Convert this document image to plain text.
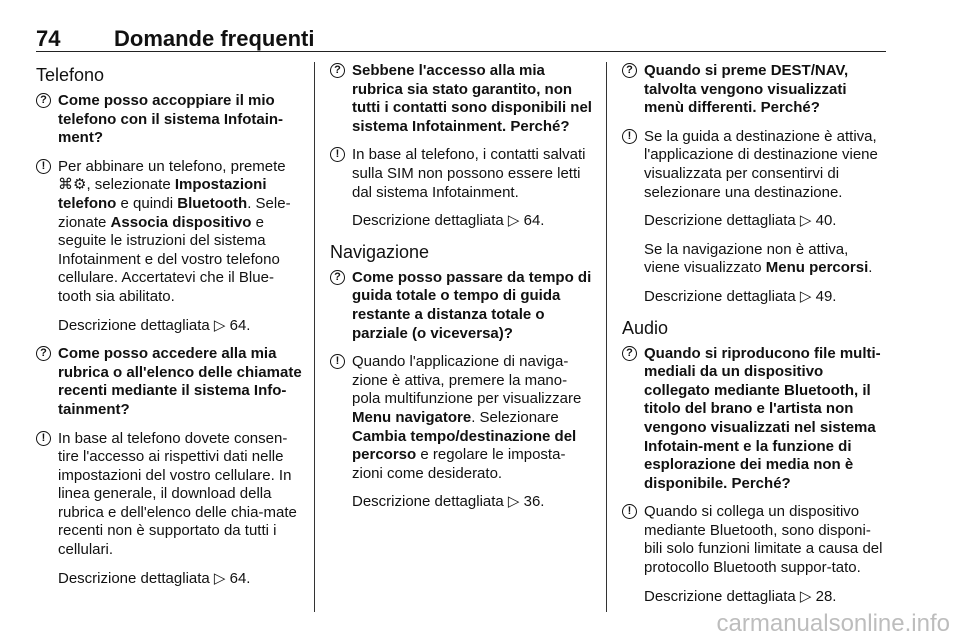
74 Domande frequenti
Telefono
? Come posso accoppiare il mio telefono con il sistema Infotain-ment?
! Per abbinare un telefono, premete ⌘⚙, selezionate Impostazioni telefono e quindi Bluetooth. Sele-zionate Associa dispositivo e seguite le istruzioni del sistema Infotainment e del vostro telefono cellulare. Accertatevi che il Blue-tooth sia abilitato.
Descrizione dettagliata ▷ 64.
? Come posso accedere alla mia rubrica o all'elenco delle chiamate recenti mediante il sistema Info-tainment?
! In base al telefono dovete consen-tire l'accesso ai rispettivi dati nelle impostazioni del vostro cellulare. In linea generale, il download della rubrica e dell'elenco delle chia-mate recenti non è supportato da tutti i cellulari.
Descrizione dettagliata ▷ 64.
? Sebbene l'accesso alla mia rubrica sia stato garantito, non tutti i contatti sono disponibili nel sistema Infotainment. Perché?
! In base al telefono, i contatti salvati sulla SIM non possono essere letti dal sistema Infotainment.
Descrizione dettagliata ▷ 64.
Navigazione
? Come posso passare da tempo di guida totale o tempo di guida restante a distanza totale o parziale (o viceversa)?
! Quando l'applicazione di naviga-zione è attiva, premere la mano-pola multifunzione per visualizzare Menu navigatore. Selezionare Cambia tempo/destinazione del percorso e regolare le imposta-zioni come desiderato.
Descrizione dettagliata ▷ 36.
? Quando si preme DEST/NAV, talvolta vengono visualizzati menù differenti. Perché?
! Se la guida a destinazione è attiva, l'applicazione di destinazione viene visualizzata per consentirvi di selezionare una destinazione.
Descrizione dettagliata ▷ 40.
Se la navigazione non è attiva, viene visualizzato Menu percorsi.
Descrizione dettagliata ▷ 49.
Audio
? Quando si riproducono file multi-mediali da un dispositivo collegato mediante Bluetooth, il titolo del brano e l'artista non vengono visualizzati nel sistema Infotain-ment e la funzione di esplorazione dei media non è disponibile. Perché?
! Quando si collega un dispositivo mediante Bluetooth, sono disponi-bili solo funzioni limitate a causa del protocollo Bluetooth suppor-tato.
Descrizione dettagliata ▷ 28.
carmanualsonline.info
